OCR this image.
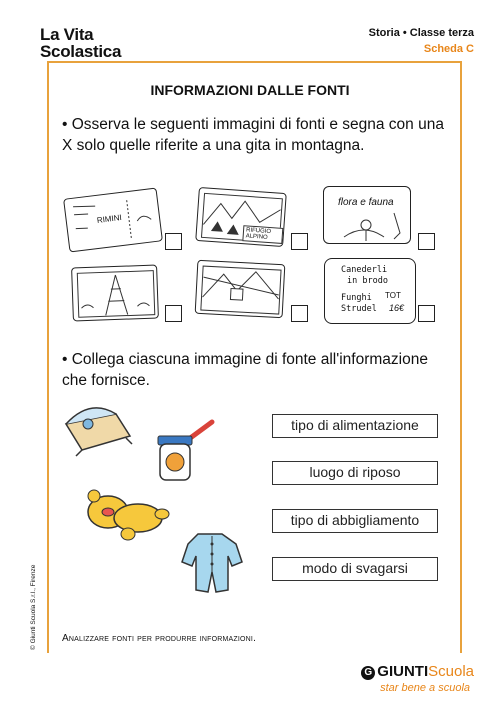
La Vita
Scolastica
Storia • Classe terza
Scheda C
INFORMAZIONI DALLE FONTI
• Osserva le seguenti immagini di fonti e segna con una X solo quelle riferite a una gita in montagna.
RIMINI
RIFUGIO ALPINO
flora e fauna
Canederli
in brodo
Funghi
Strudel
TOT
16€
• Collega ciascuna immagine di fonte all'informazione che fornisce.
tipo di alimentazione
luogo di riposo
tipo di abbigliamento
modo di svagarsi
Analizzare fonti per produrre informazioni.
© Giunti Scuola S.r.l., Firenze
G GIUNTIScuola
star bene a scuola
